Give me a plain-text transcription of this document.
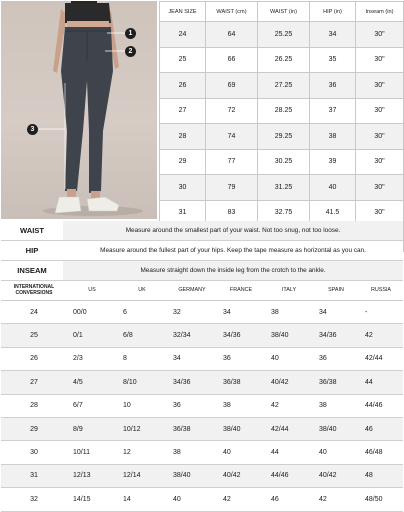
1
2
3
JEAN SIZE	WAIST (cm)	WAIST (in)	HIP (in)	Inseam (in)
24	64	25.25	34	30"
25	66	26.25	35	30"
26	69	27.25	36	30"
27	72	28.25	37	30"
28	74	29.25	38	30"
29	77	30.25	39	30"
30	79	31.25	40	30"
31	83	32.75	41.5	30"

WAIST	Measure around the smallest part of your waist. Not too snug, not too loose.
HIP	Measure around the fullest part of your hips. Keep the tape measure as horizontal as you can.
INSEAM	Measure straight down the inside leg from the crotch to the ankle.
INTERNATIONAL CONVERSIONS	US	UK	GERMANY	FRANCE	ITALY	SPAIN	RUSSIA
24	00/0	6	32	34	38	34	-
25	0/1	6/8	32/34	34/36	38/40	34/36	42
26	2/3	8	34	36	40	36	42/44
27	4/5	8/10	34/36	36/38	40/42	36/38	44
28	6/7	10	36	38	42	38	44/46
29	8/9	10/12	36/38	38/40	42/44	38/40	46
30	10/11	12	38	40	44	40	46/48
31	12/13	12/14	38/40	40/42	44/46	40/42	48
32	14/15	14	40	42	46	42	48/50
